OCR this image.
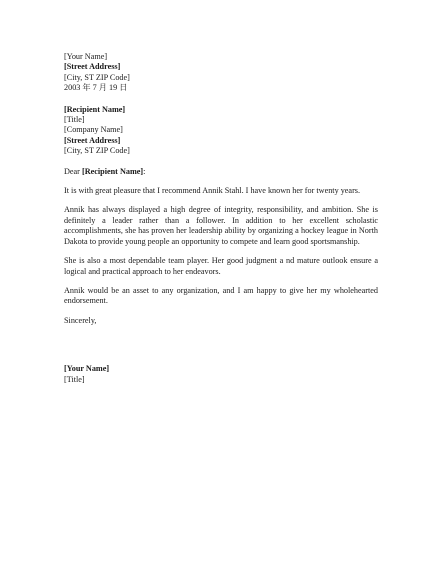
[Your Name]
[Street Address]
[City, ST ZIP Code]
2003 年 7 月 19 日
[Recipient Name]
[Title]
[Company Name]
[Street Address]
[City, ST ZIP Code]
Dear [Recipient Name]:

It is with great pleasure that I recommend Annik Stahl. I have known her for twenty years.

Annik has always displayed a high degree of integrity, responsibility, and ambition. She is definitely a leader rather than a follower. In addition to her excellent scholastic accomplishments, she has proven her leadership ability by organizing a hockey league in North Dakota to provide young people an opportunity to compete and learn good sportsmanship.

She is also a most dependable team player. Her good judgment a nd mature outlook ensure a logical and practical approach to her endeavors.

Annik would be an asset to any organization, and I am happy to give her my wholehearted endorsement.

Sincerely,
[Your Name]
[Title]
